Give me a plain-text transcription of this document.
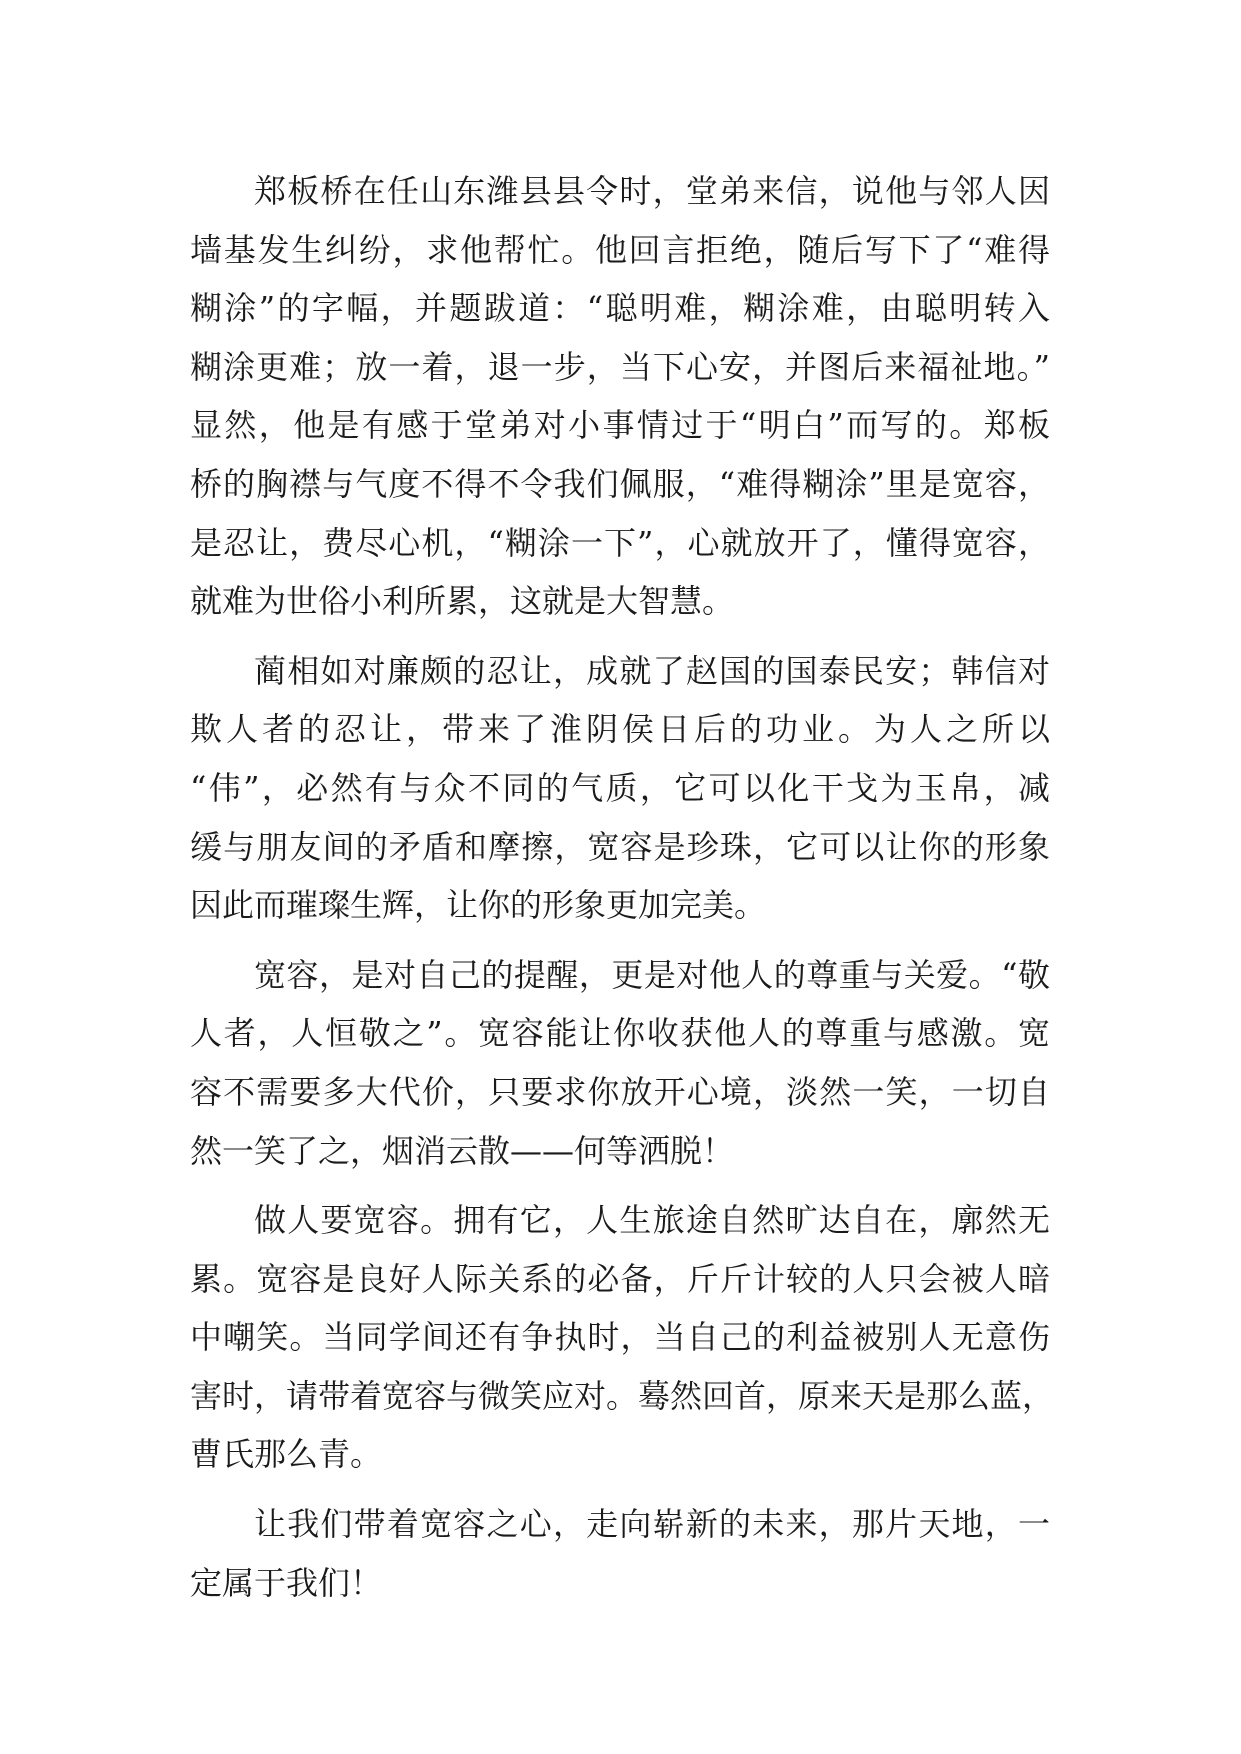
郑板桥在任山东潍县县令时，堂弟来信，说他与邻人因
墙基发生纠纷，求他帮忙。他回言拒绝，随后写下了“难得
糊涂”的字幅，并题跋道：“聪明难，糊涂难，由聪明转入
糊涂更难；放一着，退一步，当下心安，并图后来福祉地。”
显然，他是有感于堂弟对小事情过于“明白”而写的。郑板
桥的胸襟与气度不得不令我们佩服，“难得糊涂”里是宽容，
是忍让，费尽心机，“糊涂一下”，心就放开了，懂得宽容，
就难为世俗小利所累，这就是大智慧。
蔺相如对廉颇的忍让，成就了赵国的国泰民安；韩信对
欺人者的忍让，带来了淮阴侯日后的功业。为人之所以
“伟”，必然有与众不同的气质，它可以化干戈为玉帛，减
缓与朋友间的矛盾和摩擦，宽容是珍珠，它可以让你的形象
因此而璀璨生辉，让你的形象更加完美。
宽容，是对自己的提醒，更是对他人的尊重与关爱。“敬
人者，人恒敬之”。宽容能让你收获他人的尊重与感激。宽
容不需要多大代价，只要求你放开心境，淡然一笑，一切自
然一笑了之，烟消云散——何等洒脱！
做人要宽容。拥有它，人生旅途自然旷达自在，廓然无
累。宽容是良好人际关系的必备，斤斤计较的人只会被人暗
中嘲笑。当同学间还有争执时，当自己的利益被别人无意伤
害时，请带着宽容与微笑应对。蓦然回首，原来天是那么蓝，
曹氏那么青。
让我们带着宽容之心，走向崭新的未来，那片天地，一
定属于我们！
